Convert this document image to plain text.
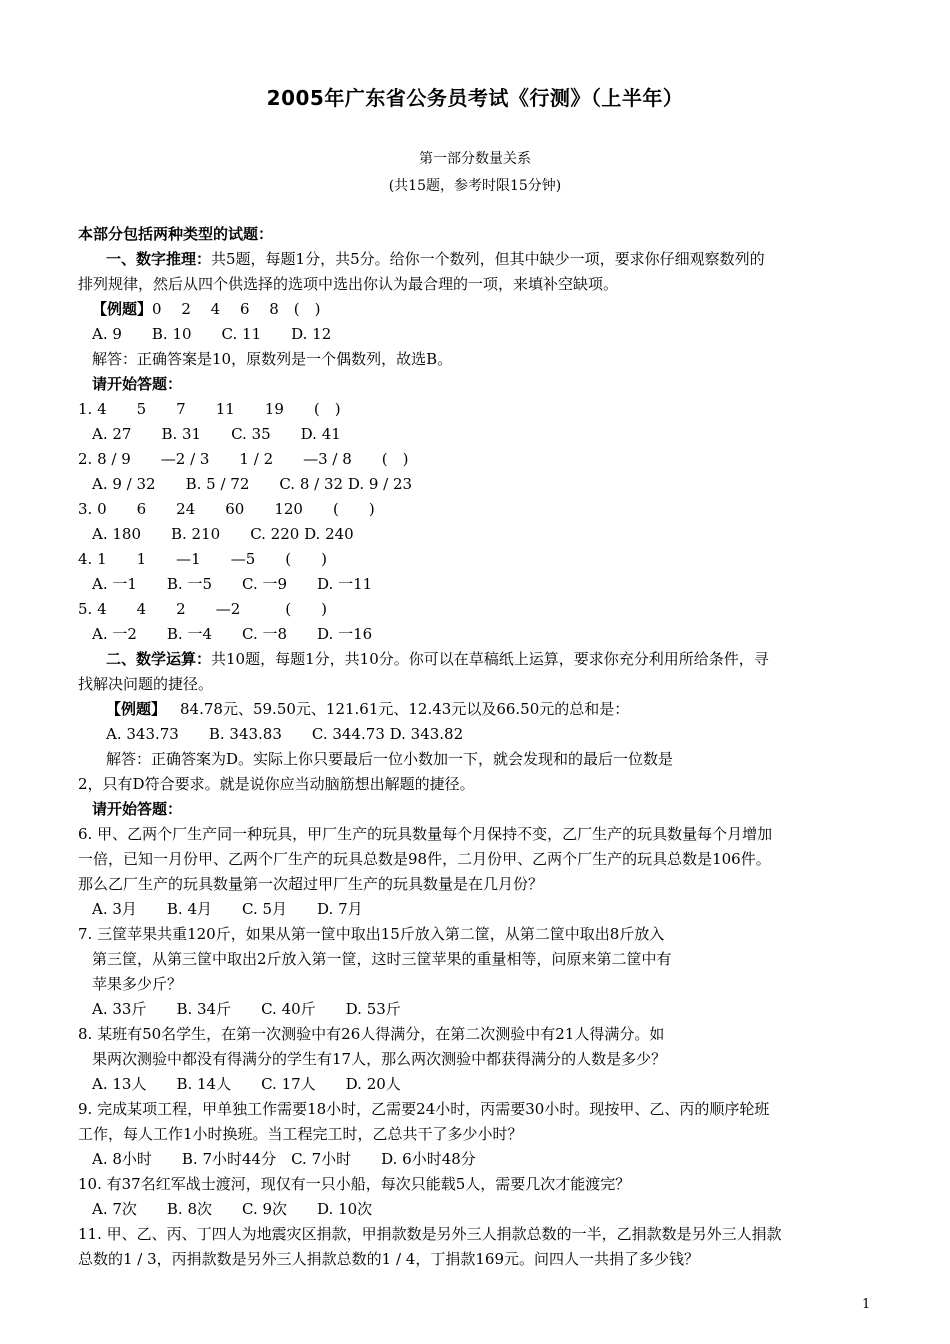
2005年广东省公务员考试《行测》（上半年）
第一部分数量关系
(共15题，参考时限15分钟)
本部分包括两种类型的试题：
一、数字推理：共5题，每题1分，共5分。给你一个数列，但其中缺少一项，要求你仔细观察数列的
排列规律，然后从四个供选择的选项中选出你认为最合理的一项，来填补空缺项。
【例题】0　 2　 4　 6　 8　(　)
A. 9　　B. 10　　C. 11　　D. 12
解答：正确答案是10，原数列是一个偶数列，故选B。
请开始答题：
1. 4　　5　　7　　11　　19　　(　)
A. 27　　B. 31　　C. 35　　D. 41
2. 8 / 9　　—2 / 3　　1 / 2　　—3 / 8　　(　)
A. 9 / 32　　B. 5 / 72　　C. 8 / 32 D. 9 / 23
3. 0　　6　　24　　60　　120　　(　　)
A. 180　　B. 210　　C. 220 D. 240
4. 1　　1　　—1　　—5　　(　　)
A. 一1　　B. 一5　　C. 一9　　D. 一11
5. 4　　4　　2　　—2　　　(　　)
A. 一2　　B. 一4　　C. 一8　　D. 一16
二、数学运算：共10题，每题1分，共10分。你可以在草稿纸上运算，要求你充分利用所给条件，寻
找解决问题的捷径。
【例题】 84.78元、59.50元、121.61元、12.43元以及66.50元的总和是：
A. 343.73　　B. 343.83　　C. 344.73 D. 343.82
解答：正确答案为D。实际上你只要最后一位小数加一下，就会发现和的最后一位数是
2，只有D符合要求。就是说你应当动脑筋想出解题的捷径。
请开始答题：
6. 甲、乙两个厂生产同一种玩具，甲厂生产的玩具数量每个月保持不变，乙厂生产的玩具数量每个月增加
一倍，已知一月份甲、乙两个厂生产的玩具总数是98件，二月份甲、乙两个厂生产的玩具总数是106件。
那么乙厂生产的玩具数量第一次超过甲厂生产的玩具数量是在几月份？
A. 3月　　B. 4月　　C. 5月　　D. 7月
7. 三筐苹果共重120斤，如果从第一筐中取出15斤放入第二筐，从第二筐中取出8斤放入
第三筐，从第三筐中取出2斤放入第一筐，这时三筐苹果的重量相等，问原来第二筐中有
苹果多少斤？
A. 33斤　　B. 34斤　　C. 40斤　　D. 53斤
8. 某班有50名学生，在第一次测验中有26人得满分，在第二次测验中有21人得满分。如
果两次测验中都没有得满分的学生有17人，那么两次测验中都获得满分的人数是多少？
A. 13人　　B. 14人　　C. 17人　　D. 20人
9. 完成某项工程，甲单独工作需要18小时，乙需要24小时，丙需要30小时。现按甲、乙、丙的顺序轮班
工作，每人工作1小时换班。当工程完工时，乙总共干了多少小时？
A. 8小时　　B. 7小时44分　C. 7小时　　D. 6小时48分
10. 有37名红军战士渡河，现仅有一只小船，每次只能载5人，需要几次才能渡完？
A. 7次　　B. 8次　　C. 9次　　D. 10次
11. 甲、乙、丙、丁四人为地震灾区捐款，甲捐款数是另外三人捐款总数的一半，乙捐款数是另外三人捐款
总数的1 / 3，丙捐款数是另外三人捐款总数的1 / 4，丁捐款169元。问四人一共捐了多少钱？
1
